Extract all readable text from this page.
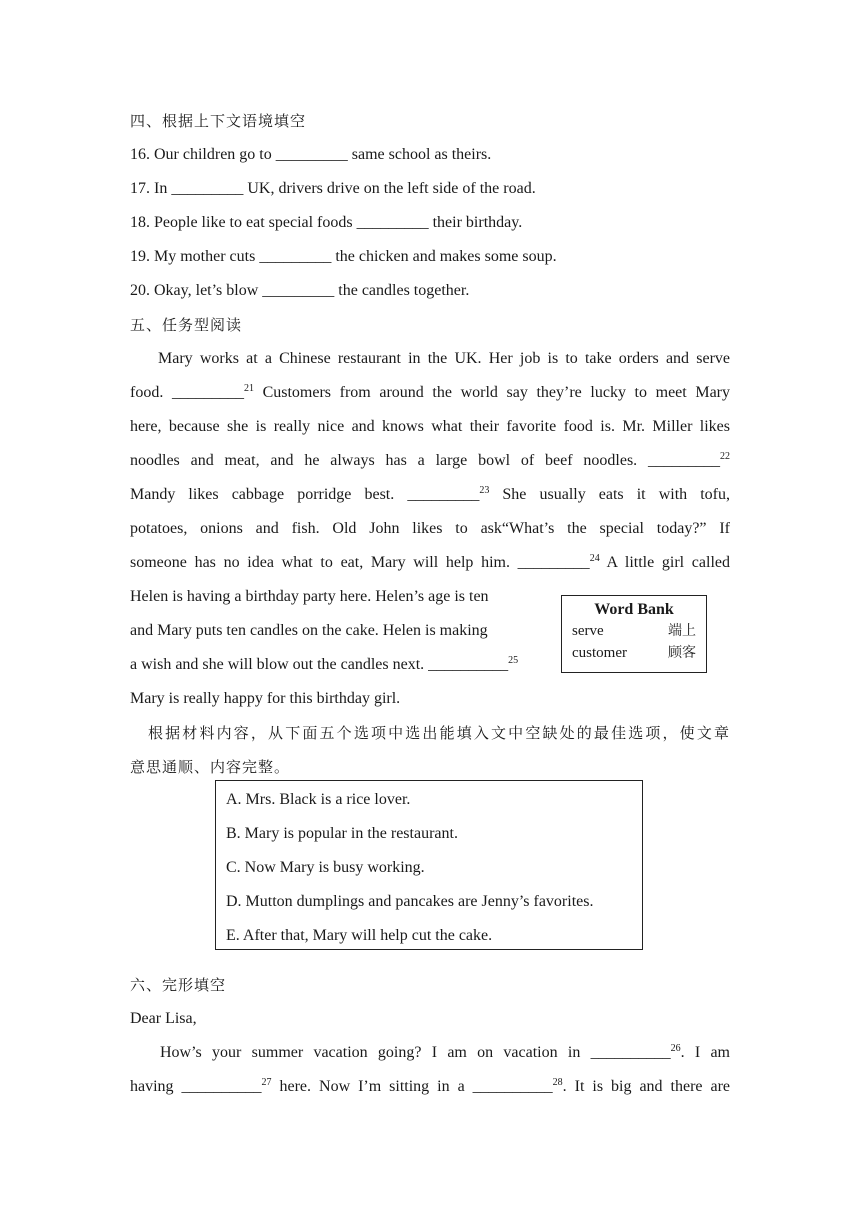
四、根据上下文语境填空
16. Our children go to _________ same school as theirs.
17. In _________ UK, drivers drive on the left side of the road.
18. People like to eat special foods _________ their birthday.
19. My mother cuts _________ the chicken and makes some soup.
20. Okay, let’s blow _________ the candles together.
五、任务型阅读
Mary works at a Chinese restaurant in the UK. Her job is to take orders and serve
food. _________$^{21}$ Customers from around the world say they’re lucky to meet Mary
here, because she is really nice and knows what their favorite food is. Mr. Miller likes
noodles and meat, and he always has a large bowl of beef noodles. _________$^{22}$
Mandy likes cabbage porridge best. _________$^{23}$ She usually eats it with tofu,
potatoes, onions and fish. Old John likes to ask“What’s the special today?” If
someone has no idea what to eat, Mary will help him. _________$^{24}$ A little girl called
Helen is having a birthday party here. Helen’s age is ten
and Mary puts ten candles on the cake. Helen is making
a wish and she will blow out the candles next. __________$^{25}$
Mary is really happy for this birthday girl.
Word Bank
serve	端上
customer	顾客
根据材料内容，从下面五个选项中选出能填入文中空缺处的最佳选项，使文章
意思通顺、内容完整。
A. Mrs. Black is a rice lover.
B. Mary is popular in the restaurant.
C. Now Mary is busy working.
D. Mutton dumplings and pancakes are Jenny’s favorites.
E. After that, Mary will help cut the cake.
六、完形填空
Dear Lisa,
How’s your summer vacation going? I am on vacation in __________$^{26}$. I am
having __________$^{27}$ here. Now I’m sitting in a __________$^{28}$. It is big and there are
